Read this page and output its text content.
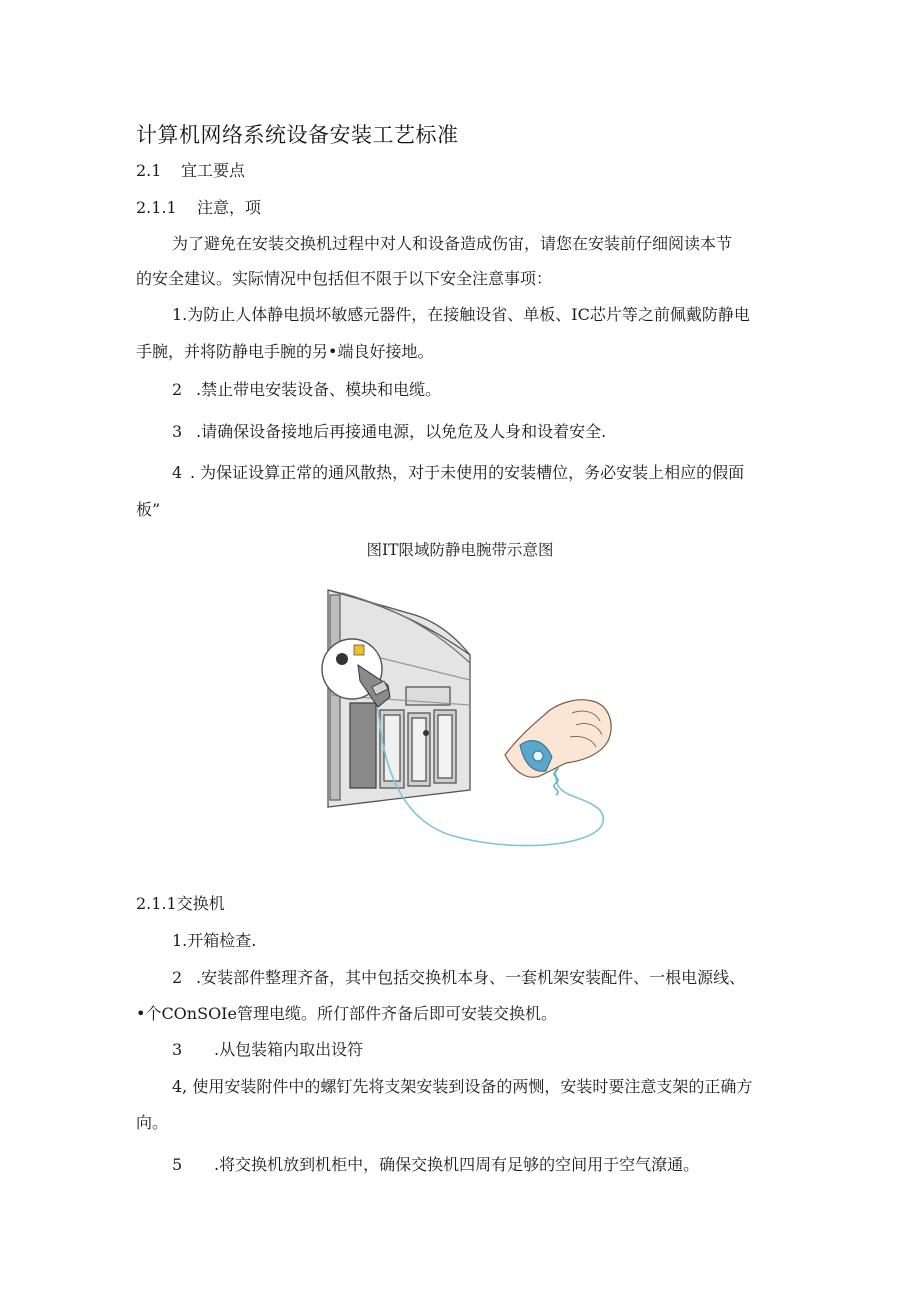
计算机网络系统设备安装工艺标准
2.1 宜工要点
2.1.1 注意，项
为了避免在安装交换机过程中对人和设备造成伤宙，请您在安装前仔细阅读本节
的安全建议。实际情况中包括但不限于以下安全注意事项：
1.为防止人体静电损坏敏感元器件，在接触设省、单板、IC芯片等之前佩戴防静电
手腕，并将防静电手腕的另•端良好接地。
2 .禁止带电安装设备、模块和电缆。
3 .请确保设备接地后再接通电源，以免危及人身和设着安全.
4 . 为保证设算正常的通风散热，对于未使用的安装槽位，务必安装上相应的假面
板”
图IT限域防静电腕带示意图
2.1.1交换机
1.开箱检查.
2 .安装部件整理齐备，其中包括交换机本身、一套机架安装配件、一根电源线、
•个COnSOIe管理电缆。所仃部件齐备后即可安装交换机。
3 .从包装箱内取出设符
4, 使用安装附件中的螺钉先将支架安装到设备的两恻，安装时要注意支架的正确方
向。
5 .将交换机放到机柜中，确保交换机四周有足够的空间用于空气潦通。
